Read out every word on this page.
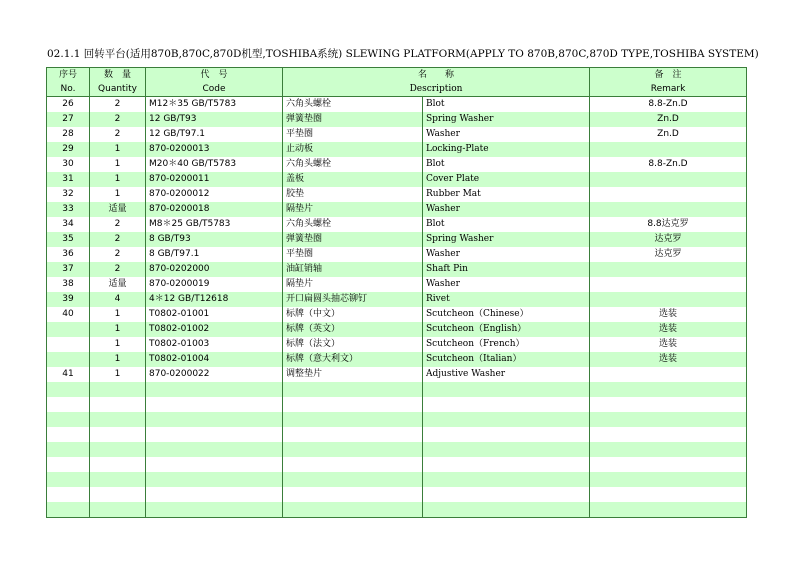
02.1.1 回转平台(适用870B,870C,870D机型,TOSHIBA系统) SLEWING PLATFORM(APPLY TO 870B,870C,870D TYPE,TOSHIBA SYSTEM)
序号	数　量	代　号	名　　称		备　注
No.	Quantity	Code	Description		Remark
26	2	M12＊35 GB/T5783	六角头螺栓	Blot	8.8-Zn.D
27	2	12 GB/T93	弹簧垫圈	Spring Washer	Zn.D
28	2	12 GB/T97.1	平垫圈	Washer	Zn.D
29	1	870-0200013	止动板	Locking-Plate	
30	1	M20＊40 GB/T5783	六角头螺栓	Blot	8.8-Zn.D
31	1	870-0200011	盖板	Cover Plate	
32	1	870-0200012	胶垫	Rubber Mat	
33	适量	870-0200018	隔垫片	Washer	
34	2	M8＊25 GB/T5783	六角头螺栓	Blot	8.8达克罗
35	2	8 GB/T93	弹簧垫圈	Spring Washer	达克罗
36	2	8 GB/T97.1	平垫圈	Washer	达克罗
37	2	870-0202000	油缸销轴	Shaft Pin	
38	适量	870-0200019	隔垫片	Washer	
39	4	4＊12 GB/T12618	开口扁圆头抽芯铆钉	Rivet	
40	1	T0802-01001	标牌（中文）	Scutcheon（Chinese）	选装
	1	T0802-01002	标牌（英文）	Scutcheon（English）	选装
	1	T0802-01003	标牌（法文）	Scutcheon（French）	选装
	1	T0802-01004	标牌（意大利文）	Scutcheon（Italian）	选装
41	1	870-0200022	调整垫片	Adjustive Washer	
